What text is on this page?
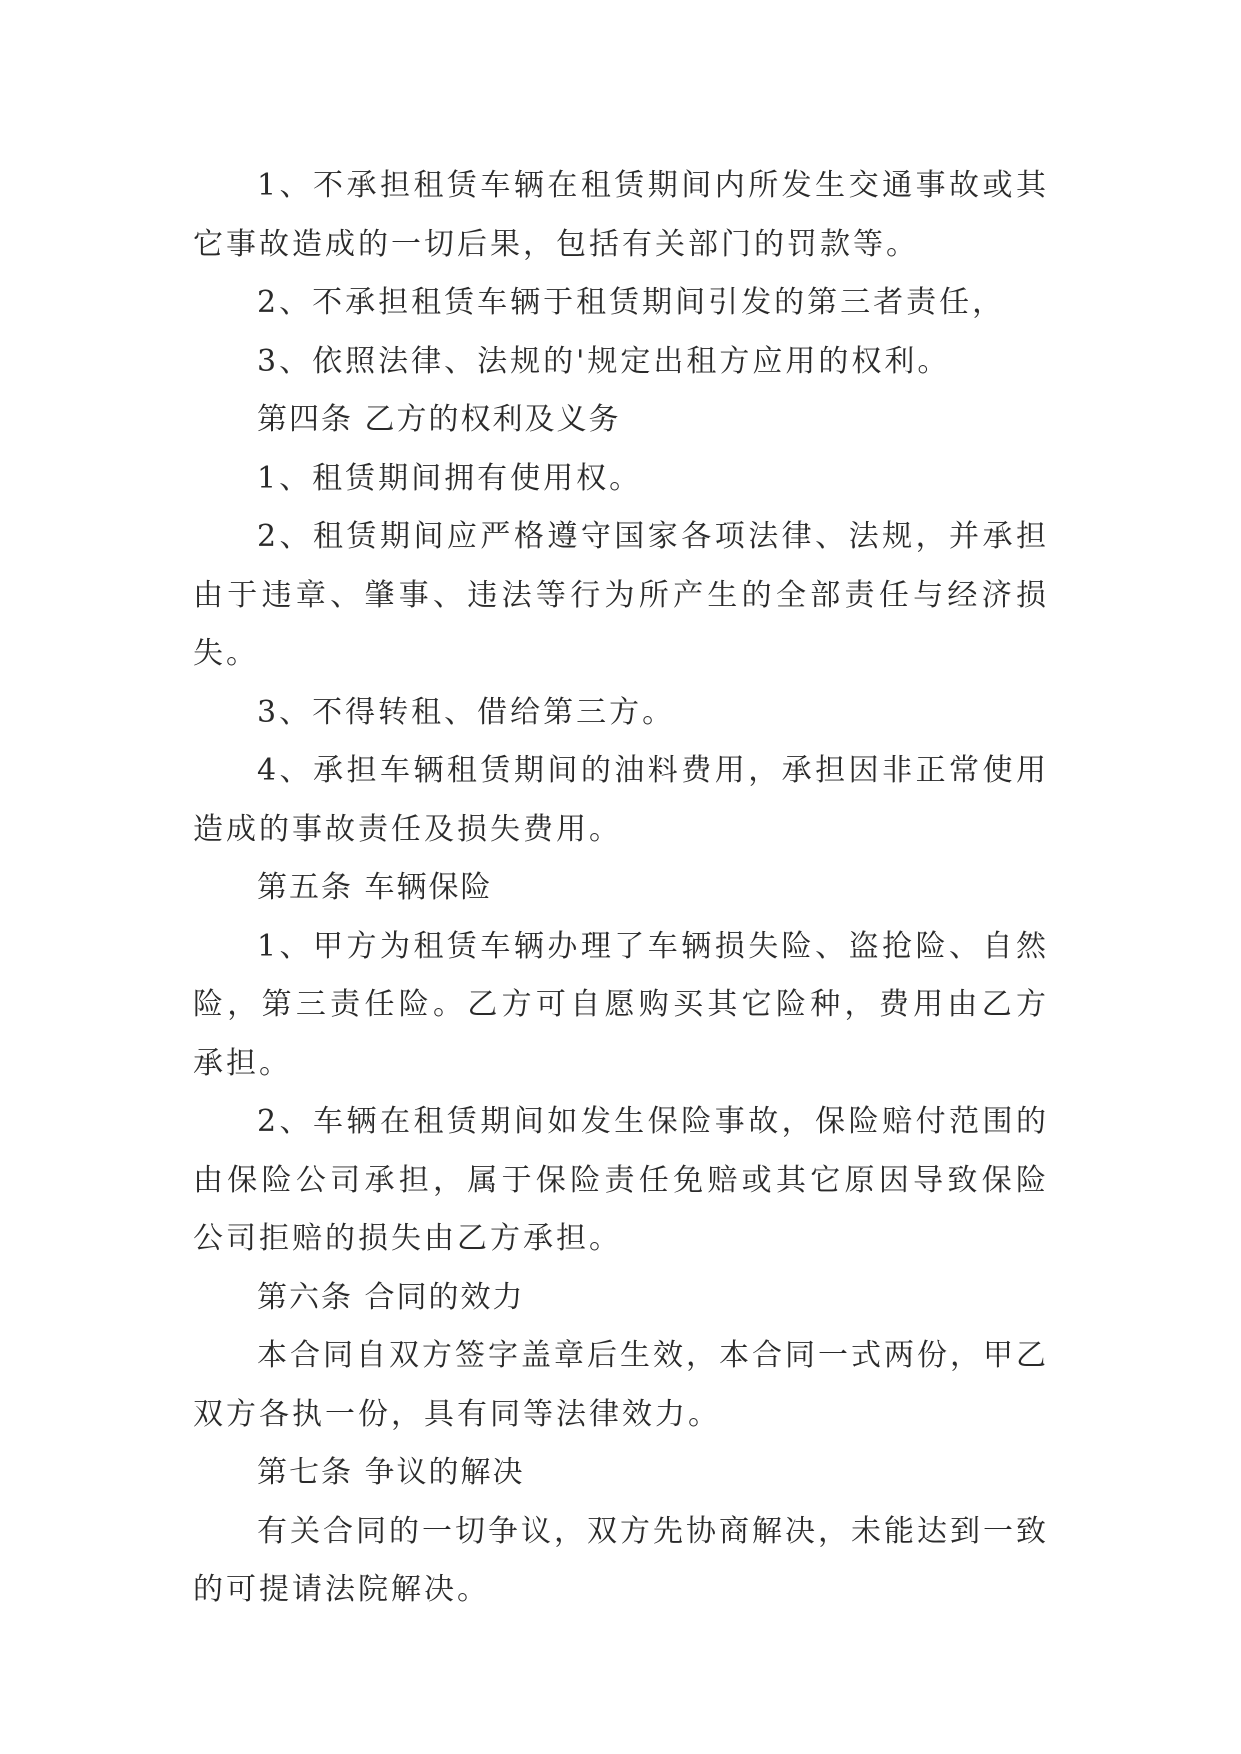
1、不承担租赁车辆在租赁期间内所发生交通事故或其它事故造成的一切后果，包括有关部门的罚款等。

2、不承担租赁车辆于租赁期间引发的第三者责任，

3、依照法律、法规的'规定出租方应用的权利。

第四条 乙方的权利及义务

1、租赁期间拥有使用权。

2、租赁期间应严格遵守国家各项法律、法规，并承担由于违章、肇事、违法等行为所产生的全部责任与经济损失。

3、不得转租、借给第三方。

4、承担车辆租赁期间的油料费用，承担因非正常使用造成的事故责任及损失费用。

第五条 车辆保险

1、甲方为租赁车辆办理了车辆损失险、盗抢险、自然险，第三责任险。乙方可自愿购买其它险种，费用由乙方承担。

2、车辆在租赁期间如发生保险事故，保险赔付范围的由保险公司承担，属于保险责任免赔或其它原因导致保险公司拒赔的损失由乙方承担。

第六条 合同的效力

本合同自双方签字盖章后生效，本合同一式两份，甲乙双方各执一份，具有同等法律效力。

第七条 争议的解决

有关合同的一切争议，双方先协商解决，未能达到一致的可提请法院解决。
